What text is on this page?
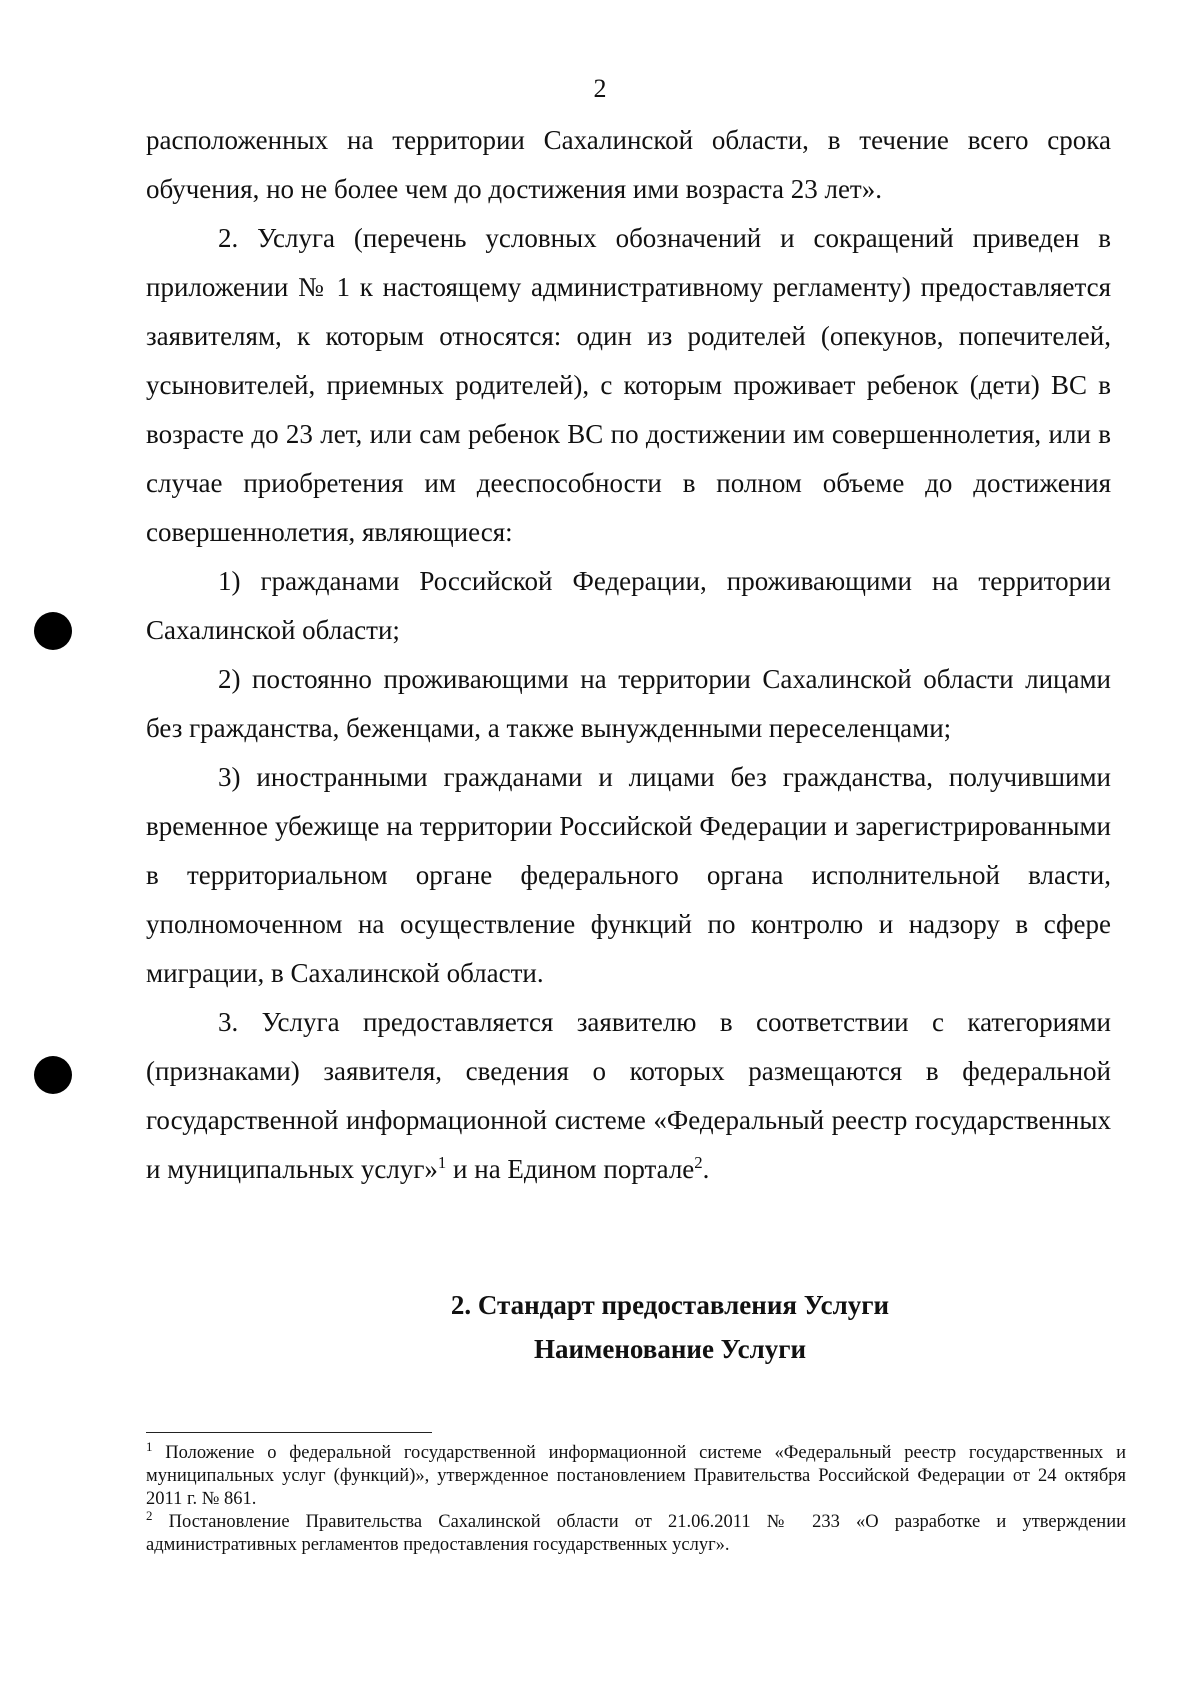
2

расположенных на территории Сахалинской области, в течение всего срока обучения, но не более чем до достижения ими возраста 23 лет».

2. Услуга (перечень условных обозначений и сокращений приведен в приложении № 1 к настоящему административному регламенту) предоставляется заявителям, к которым относятся: один из родителей (опекунов, попечителей, усыновителей, приемных родителей), с которым проживает ребенок (дети) ВС в возрасте до 23 лет, или сам ребенок ВС по достижении им совершеннолетия, или в случае приобретения им дееспособности в полном объеме до достижения совершеннолетия, являющиеся:

1) гражданами Российской Федерации, проживающими на территории Сахалинской области;

2) постоянно проживающими на территории Сахалинской области лицами без гражданства, беженцами, а также вынужденными переселенцами;

3) иностранными гражданами и лицами без гражданства, получившими временное убежище на территории Российской Федерации и зарегистрированными в территориальном органе федерального органа исполнительной власти, уполномоченном на осуществление функций по контролю и надзору в сфере миграции, в Сахалинской области.

3. Услуга предоставляется заявителю в соответствии с категориями (признаками) заявителя, сведения о которых размещаются в федеральной государственной информационной системе «Федеральный реестр государственных и муниципальных услуг»$^1$ и на Едином портале$^2$.

2. Стандарт предоставления Услуги
Наименование Услуги

$^1$ Положение о федеральной государственной информационной системе «Федеральный реестр государственных и муниципальных услуг (функций)», утвержденное постановлением Правительства Российской Федерации от 24 октября 2011 г. № 861.

$^2$ Постановление Правительства Сахалинской области от 21.06.2011 № 233 «О разработке и утверждении административных регламентов предоставления государственных услуг».
